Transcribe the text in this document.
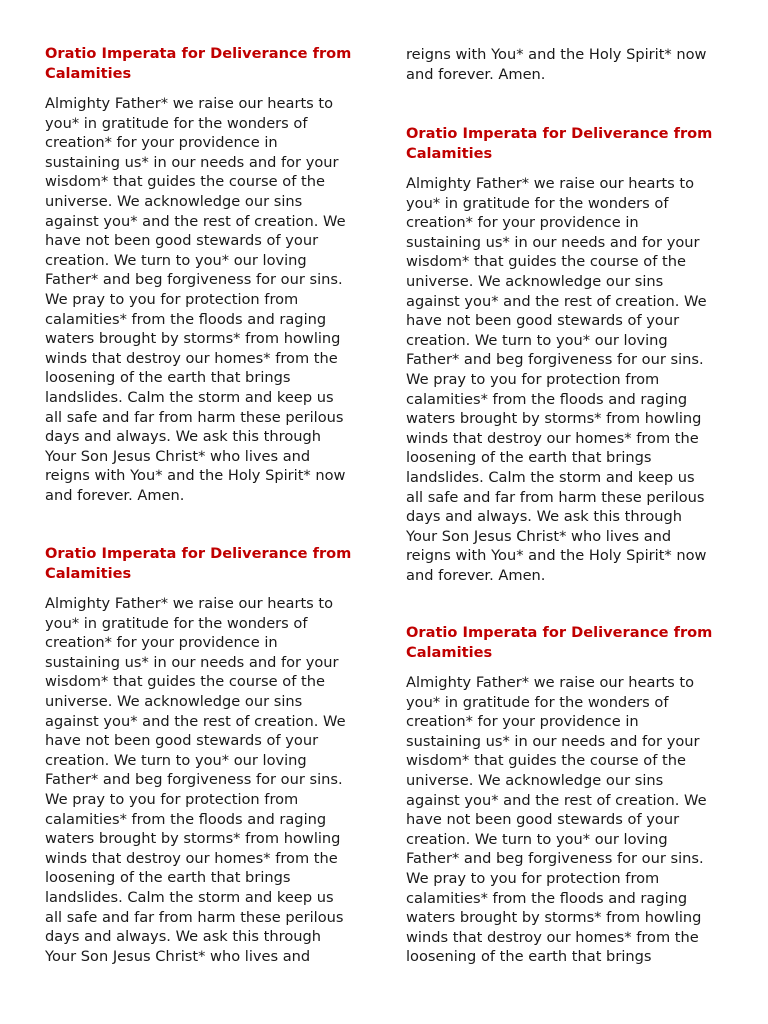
Oratio Imperata for Deliverance from
Calamities
Almighty Father* we raise our hearts to
you* in gratitude for the wonders of
creation* for your providence in
sustaining us* in our needs and for your
wisdom* that guides the course of the
universe. We acknowledge our sins
against you* and the rest of creation. We
have not been good stewards of your
creation. We turn to you* our loving
Father* and beg forgiveness for our sins.
We pray to you for protection from
calamities* from the floods and raging
waters brought by storms* from howling
winds that destroy our homes* from the
loosening of the earth that brings
landslides. Calm the storm and keep us
all safe and far from harm these perilous
days and always. We ask this through
Your Son Jesus Christ* who lives and
reigns with You* and the Holy Spirit* now
and forever. Amen.
Oratio Imperata for Deliverance from
Calamities
Almighty Father* we raise our hearts to
you* in gratitude for the wonders of
creation* for your providence in
sustaining us* in our needs and for your
wisdom* that guides the course of the
universe. We acknowledge our sins
against you* and the rest of creation. We
have not been good stewards of your
creation. We turn to you* our loving
Father* and beg forgiveness for our sins.
We pray to you for protection from
calamities* from the floods and raging
waters brought by storms* from howling
winds that destroy our homes* from the
loosening of the earth that brings
landslides. Calm the storm and keep us
all safe and far from harm these perilous
days and always. We ask this through
Your Son Jesus Christ* who lives and
reigns with You* and the Holy Spirit* now
and forever. Amen.
Oratio Imperata for Deliverance from
Calamities
Almighty Father* we raise our hearts to
you* in gratitude for the wonders of
creation* for your providence in
sustaining us* in our needs and for your
wisdom* that guides the course of the
universe. We acknowledge our sins
against you* and the rest of creation. We
have not been good stewards of your
creation. We turn to you* our loving
Father* and beg forgiveness for our sins.
We pray to you for protection from
calamities* from the floods and raging
waters brought by storms* from howling
winds that destroy our homes* from the
loosening of the earth that brings
landslides. Calm the storm and keep us
all safe and far from harm these perilous
days and always. We ask this through
Your Son Jesus Christ* who lives and
reigns with You* and the Holy Spirit* now
and forever. Amen.
Oratio Imperata for Deliverance from
Calamities
Almighty Father* we raise our hearts to
you* in gratitude for the wonders of
creation* for your providence in
sustaining us* in our needs and for your
wisdom* that guides the course of the
universe. We acknowledge our sins
against you* and the rest of creation. We
have not been good stewards of your
creation. We turn to you* our loving
Father* and beg forgiveness for our sins.
We pray to you for protection from
calamities* from the floods and raging
waters brought by storms* from howling
winds that destroy our homes* from the
loosening of the earth that brings
